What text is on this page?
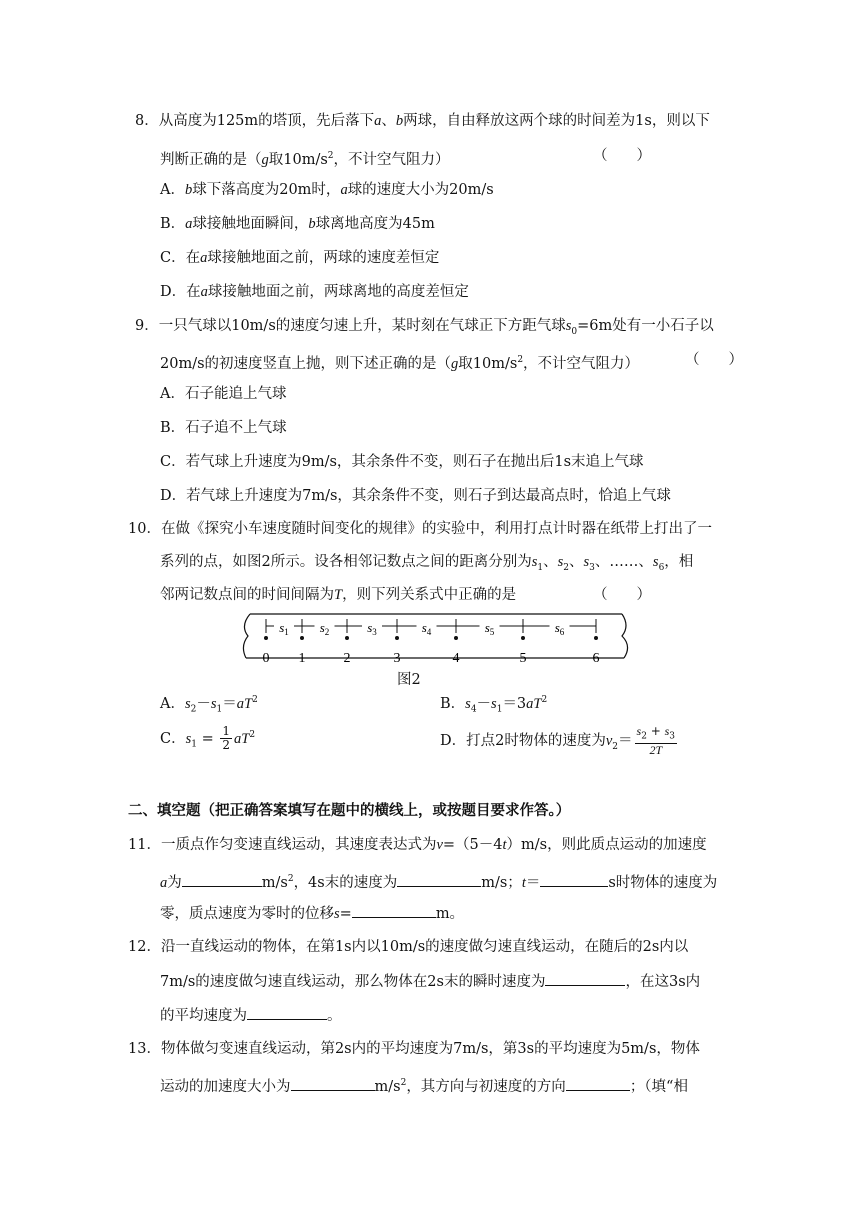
8．从高度为125m的塔顶，先后落下a、b两球，自由释放这两个球的时间差为1s，则以下
判断正确的是（g取$10m/s^2$，不计空气阻力）	（　　）
A．b球下落高度为20m时，a球的速度大小为20m/s
B．a球接触地面瞬间，b球离地高度为45m
C．在a球接触地面之前，两球的速度差恒定
D．在a球接触地面之前，两球离地的高度差恒定
9．一只气球以10m/s的速度匀速上升，某时刻在气球正下方距气球$s_0=6m$处有一小石子以
20m/s的初速度竖直上抛，则下述正确的是（g取$10m/s^2$，不计空气阻力）	（　　）
A．石子能追上气球
B．石子追不上气球
C．若气球上升速度为9m/s，其余条件不变，则石子在抛出后1s末追上气球
D．若气球上升速度为7m/s，其余条件不变，则石子到达最高点时，恰追上气球
10．在做《探究小车速度随时间变化的规律》的实验中，利用打点计时器在纸带上打出了一
系列的点，如图2所示。设各相邻记数点之间的距离分别为$s_1$、$s_2$、$s_3$、……、$s_6$，相
邻两记数点间的时间间隔为T，则下列关系式中正确的是	（　　）
0 1	2	3	4	5	6
$s_1$ $s_2$	$s_3$	$s_4$	$s_5$	$s_6$
图2
A．$s_2-s_1=aT^2$	B．$s_4-s_1=3aT^2$
C．$s_1 = \frac{1}{2} aT^2$	D．打点2时物体的速度为$v_2= \frac{s_2 + s_3}{2T}$
二、填空题（把正确答案填写在题中的横线上，或按题目要求作答。）
11．一质点作匀变速直线运动，其速度表达式为v=（5－4t）m/s，则此质点运动的加速度
a为	$m/s^2$，4s末的速度为	m/s；t＝	s时物体的速度为
零，质点速度为零时的位移s=	m。
12．沿一直线运动的物体，在第1s内以10m/s的速度做匀速直线运动，在随后的2s内以
7m/s的速度做匀速直线运动，那么物体在2s末的瞬时速度为	，在这3s内
的平均速度为	。
13．物体做匀变速直线运动，第2s内的平均速度为7m/s，第3s的平均速度为5m/s，物体
运动的加速度大小为	$m/s^2$，其方向与初速度的方向	；（填“相
